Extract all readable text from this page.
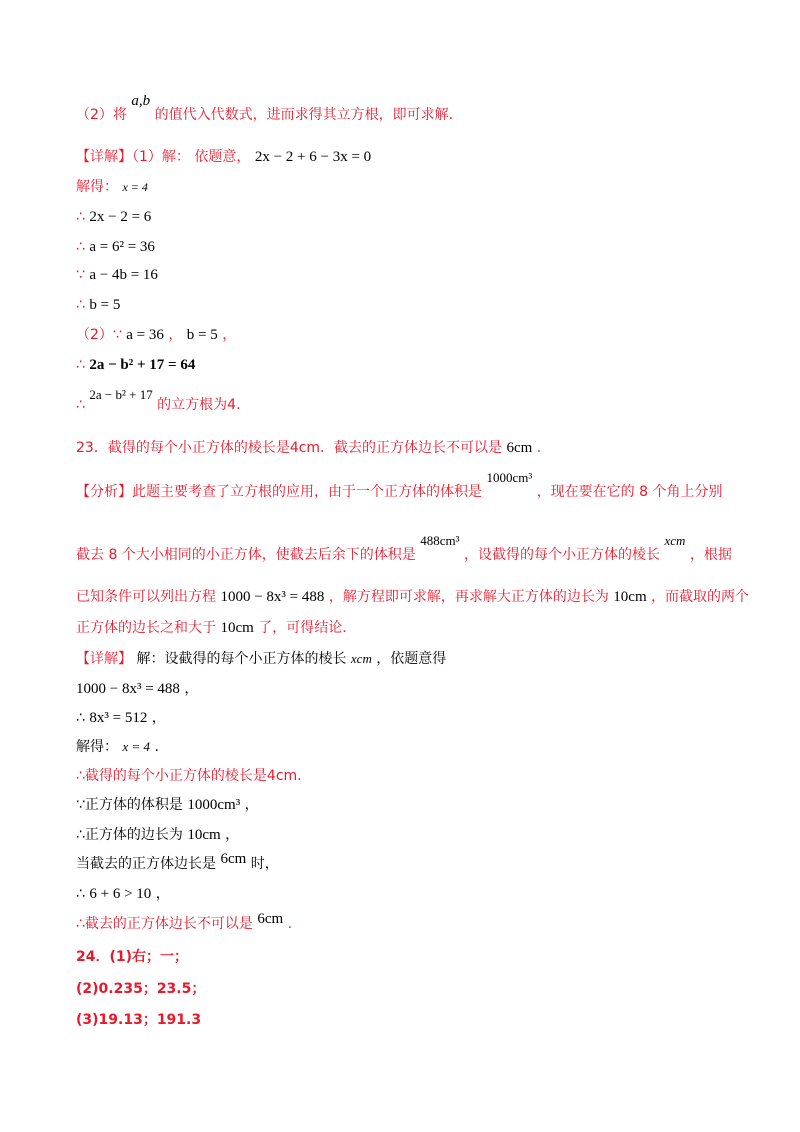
（2）将 a,b 的值代入代数式，进而求得其立方根，即可求解.
【详解】（1）解： 依题意， 2x − 2 + 6 − 3x = 0
解得： x = 4
∴ 2x − 2 = 6
∴ a = 6² = 36
∵ a − 4b = 16
∴ b = 5
（2）∵ a = 36 ， b = 5 ，
∴ 2a − b² + 17 = 64
∴ 2a − b² + 17 的立方根为4.
23．截得的每个小正方体的棱长是4cm．截去的正方体边长不可以是 6cm .
【分析】此题主要考查了立方根的应用，由于一个正方体的体积是 1000cm³ ，现在要在它的 8 个角上分别
截去 8 个大小相同的小正方体，使截去后余下的体积是 488cm³ ，设截得的每个小正方体的棱长 xcm ，根据
已知条件可以列出方程 1000 − 8x³ = 488 ，解方程即可求解，再求解大正方体的边长为 10cm ，而截取的两个
正方体的边长之和大于 10cm 了，可得结论.
【详解】 解：设截得的每个小正方体的棱长 xcm ，依题意得
1000 − 8x³ = 488 ，
∴ 8x³ = 512 ，
解得： x = 4 .
∴截得的每个小正方体的棱长是4cm.
∵正方体的体积是 1000cm³ ，
∴正方体的边长为 10cm ，
当截去的正方体边长是 6cm 时，
∴ 6 + 6 > 10 ，
∴截去的正方体边长不可以是 6cm .
24．(1)右；一；
(2)0.235；23.5；
(3)19.13；191.3
